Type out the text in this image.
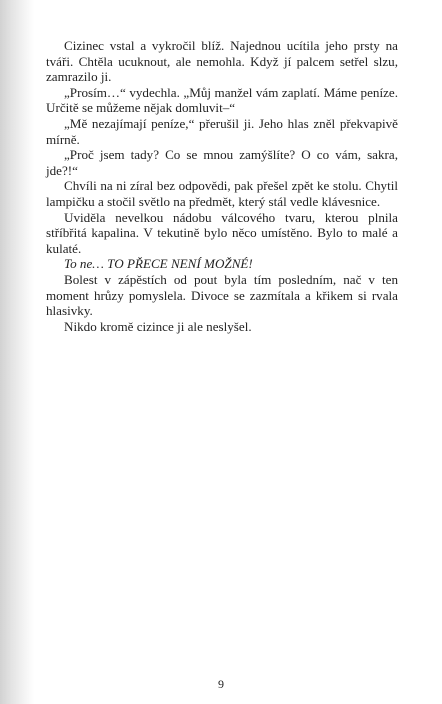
Cizinec vstal a vykročil blíž. Najednou ucítila jeho prsty na tváři. Chtěla ucuknout, ale nemohla. Když jí palcem setřel slzu, zamrazilo ji.

„Prosím…“ vydechla. „Můj manžel vám zaplatí. Máme peníze. Určitě se můžeme nějak domluvit–“

„Mě nezajímají peníze,“ přerušil ji. Jeho hlas zněl překvapivě mírně.

„Proč jsem tady? Co se mnou zamýšlíte? O co vám, sakra, jde?!“

Chvíli na ni zíral bez odpovědi, pak přešel zpět ke stolu. Chytil lampičku a stočil světlo na předmět, který stál vedle klávesnice.

Uviděla nevelkou nádobu válcového tvaru, kterou plnila stříbřitá kapalina. V tekutině bylo něco umístěno. Bylo to malé a kulaté.

To ne… TO PŘECE NENÍ MOŽNÉ!

Bolest v zápěstích od pout byla tím posledním, nač v ten moment hrůzy pomyslela. Divoce se zazmítala a křikem si rvala hlasivky.

Nikdo kromě cizince ji ale neslyšel.

9
